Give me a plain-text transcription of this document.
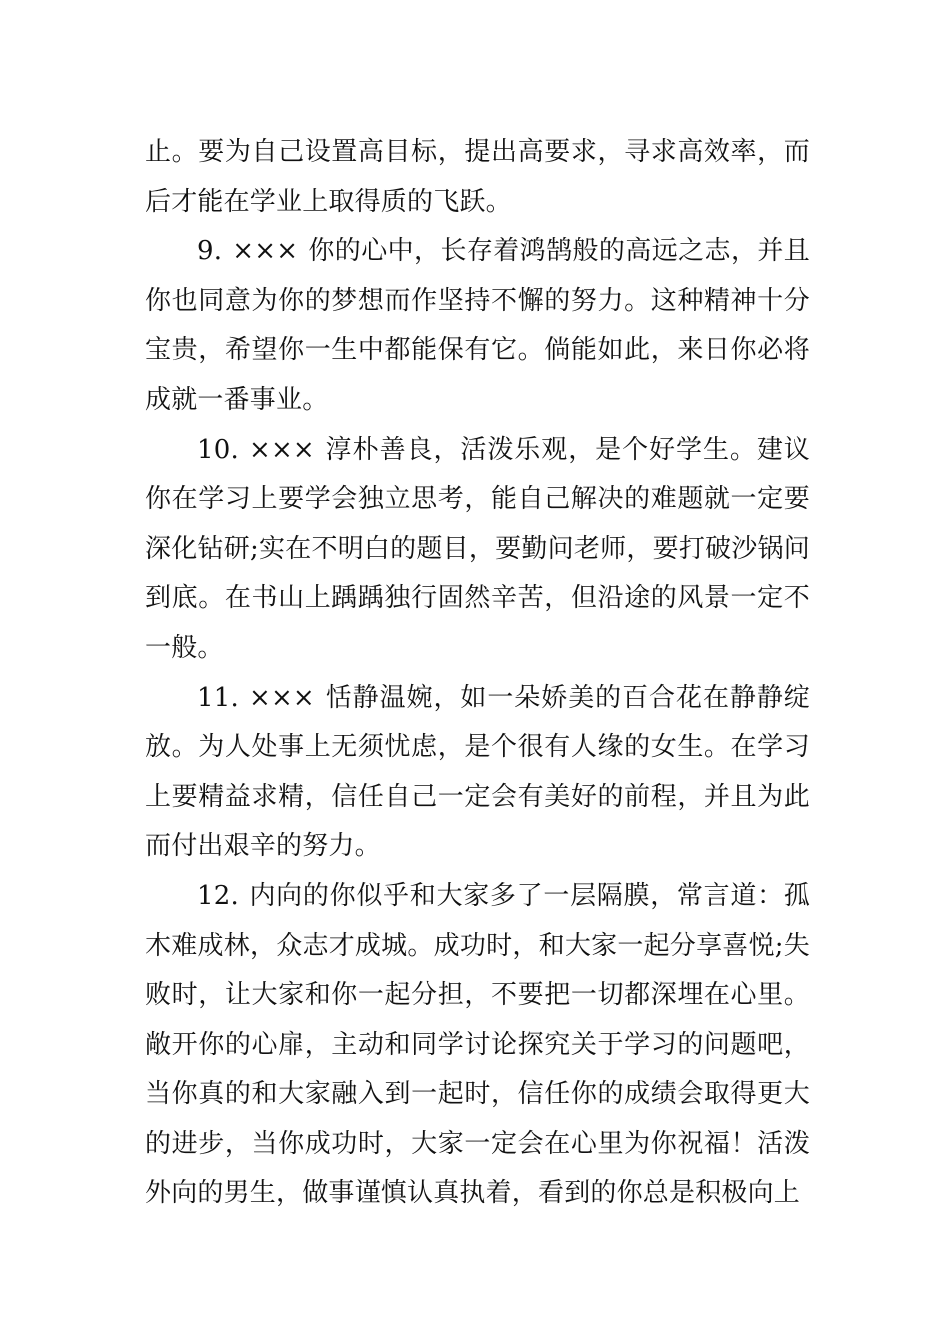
止。要为自己设置高目标，提出高要求，寻求高效率，而后才能在学业上取得质的飞跃。

9. ××× 你的心中，长存着鸿鹄般的高远之志，并且你也同意为你的梦想而作坚持不懈的努力。这种精神十分宝贵，希望你一生中都能保有它。倘能如此，来日你必将成就一番事业。

10. ××× 淳朴善良，活泼乐观，是个好学生。建议你在学习上要学会独立思考，能自己解决的难题就一定要深化钻研;实在不明白的题目，要勤问老师，要打破沙锅问到底。在书山上踽踽独行固然辛苦，但沿途的风景一定不一般。

11. ××× 恬静温婉，如一朵娇美的百合花在静静绽放。为人处事上无须忧虑，是个很有人缘的女生。在学习上要精益求精，信任自己一定会有美好的前程，并且为此而付出艰辛的努力。

12. 内向的你似乎和大家多了一层隔膜，常言道：孤木难成林，众志才成城。成功时，和大家一起分享喜悦;失败时，让大家和你一起分担，不要把一切都深埋在心里。敞开你的心扉，主动和同学讨论探究关于学习的问题吧，当你真的和大家融入到一起时，信任你的成绩会取得更大的进步，当你成功时，大家一定会在心里为你祝福！活泼外向的男生，做事谨慎认真执着，看到的你总是积极向上
